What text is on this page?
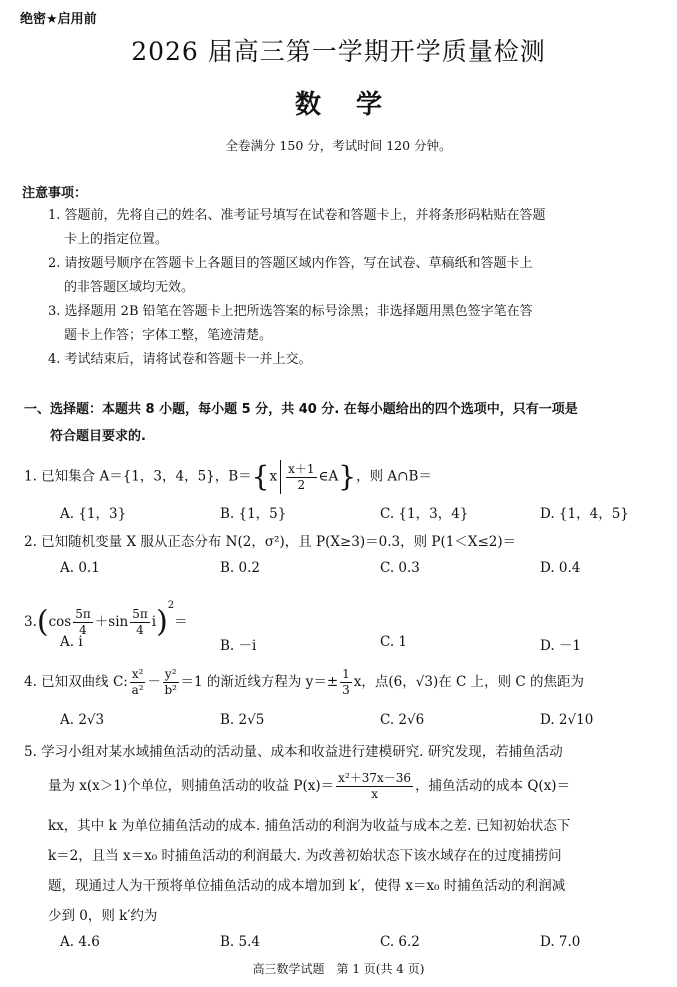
绝密★启用前
2026 届高三第一学期开学质量检测
数 学
全卷满分 150 分，考试时间 120 分钟。
注意事项：
1. 答题前，先将自己的姓名、准考证号填写在试卷和答题卡上，并将条形码粘贴在答题
卡上的指定位置。
2. 请按题号顺序在答题卡上各题目的答题区域内作答，写在试卷、草稿纸和答题卡上
的非答题区域均无效。
3. 选择题用 2B 铅笔在答题卡上把所选答案的标号涂黑；非选择题用黑色签字笔在答
题卡上作答；字体工整，笔迹清楚。
4. 考试结束后，请将试卷和答题卡一并上交。
一、选择题：本题共 8 小题，每小题 5 分，共 40 分. 在每小题给出的四个选项中，只有一项是
符合题目要求的.
1. 已知集合 A＝{1，3，4，5}，$B=\{x \frac{x+1}{2}$ ∈A}，则 A∩B＝
A. {1，3}	B. {1，5}	C. {1，3，4}	D. {1，4，5}
2. 已知随机变量 X 服从正态分布 N(2，σ²)，且 P(X≥3)＝0.3，则 P(1＜X≤2)＝
A. 0.1	B. 0.2	C. 0.3	D. 0.4
$3.(\cos \frac{5\pi}{4} +\sin \frac{5\pi}{4} i)^2=$
A. i	B. －i	C. 1	D. －1
4. 已知双曲线 C: $\frac{\text{x²}}{\text{a²}} - \frac{\text{y²}}{\text{b²}} =1$ 的渐近线方程为 $y=\pm \frac{1}{3}$ x，点(6，√3)在 C 上，则 C 的焦距为
A. 2√3	B. 2√5	C. 2√6	D. 2√10
5. 学习小组对某水域捕鱼活动的活动量、成本和收益进行建模研究. 研究发现，若捕鱼活动
量为 x(x＞1)个单位，则捕鱼活动的收益 $P(x)= \frac{\text{x²＋37x－36}}{x}$ ，捕鱼活动的成本 Q(x)＝
kx，其中 k 为单位捕鱼活动的成本. 捕鱼活动的利润为收益与成本之差. 已知初始状态下
k＝2，且当 x＝x₀ 时捕鱼活动的利润最大. 为改善初始状态下该水域存在的过度捕捞问
题，现通过人为干预将单位捕鱼活动的成本增加到 k′，使得 x＝x₀ 时捕鱼活动的利润减
少到 0，则 k′约为
A. 4.6	B. 5.4	C. 6.2	D. 7.0
高三数学试题　第 1 页(共 4 页)
